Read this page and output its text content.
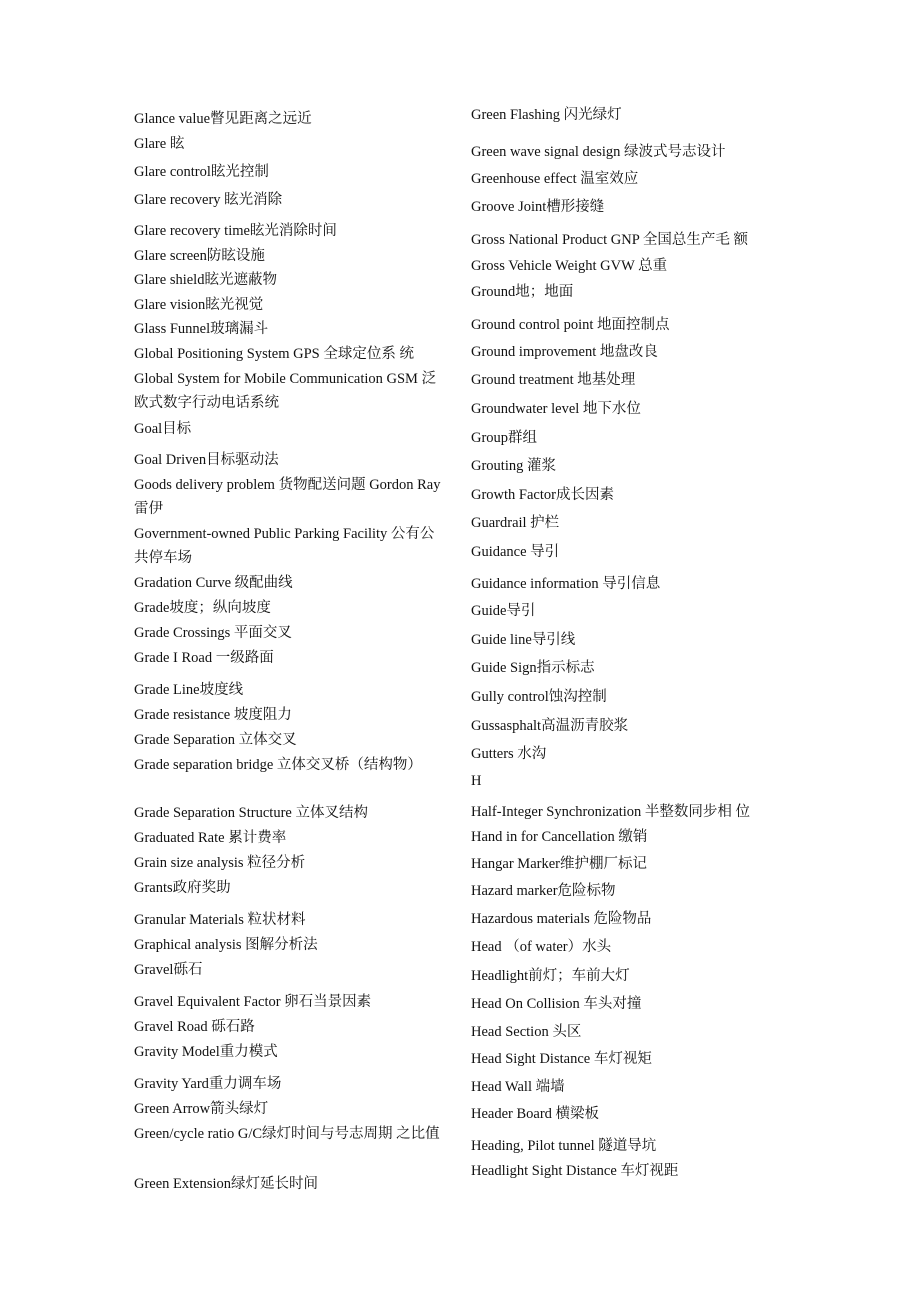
Glance value瞥见距离之远近
Glare 眩
Glare control眩光控制
Glare recovery 眩光消除
Glare recovery time眩光消除时间
Glare screen防眩设施
Glare shield眩光遮蔽物
Glare vision眩光视觉
Glass Funnel玻璃漏斗
Global Positioning System GPS 全球定位系 统
Global System for Mobile Communication GSM 泛欧式数字行动电话系统
Goal目标
Goal Driven目标驱动法
Goods delivery problem 货物配送问题 Gordon Ray 雷伊
Government-owned Public Parking Facility 公有公共停车场
Gradation Curve 级配曲线
Grade坡度；纵向坡度
Grade Crossings 平面交叉
Grade I Road 一级路面
Grade Line坡度线
Grade resistance 坡度阻力
Grade Separation 立体交叉
Grade separation bridge 立体交叉桥（结构物）
Grade Separation Structure 立体叉结构
Graduated Rate 累计费率
Grain size analysis 粒径分析
Grants政府奖助
Granular Materials 粒状材料
Graphical analysis 图解分析法
Gravel砾石
Gravel Equivalent Factor 卵石当景因素
Gravel Road 砾石路
Gravity Model重力模式
Gravity Yard重力调车场
Green Arrow箭头绿灯
Green/cycle ratio G/C绿灯时间与号志周期 之比值
Green Extension绿灯延长时间
Green Flashing 闪光绿灯
Green wave signal design 绿波式号志设计
Greenhouse effect 温室效应
Groove Joint槽形接缝
Gross National Product GNP 全国总生产毛 额
Gross Vehicle Weight GVW 总重
Ground地；地面
Ground control point 地面控制点
Ground improvement 地盘改良
Ground treatment 地基处理
Groundwater level 地下水位
Group群组
Grouting 灌浆
Growth Factor成长因素
Guardrail 护栏
Guidance 导引
Guidance information 导引信息
Guide导引
Guide line导引线
Guide Sign指示标志
Gully control蚀沟控制
Gussasphalt高温沥青胶浆
Gutters 水沟
H
Half-Integer Synchronization 半整数同步相 位
Hand in for Cancellation 缴销
Hangar Marker维护棚厂标记
Hazard marker危险标物
Hazardous materials 危险物品
Head （of water）水头
Headlight前灯；车前大灯
Head On Collision 车头对撞
Head Section 头区
Head Sight Distance 车灯视矩
Head Wall 端墙
Header Board 横梁板
Heading, Pilot tunnel 隧道导坑
Headlight Sight Distance 车灯视距
